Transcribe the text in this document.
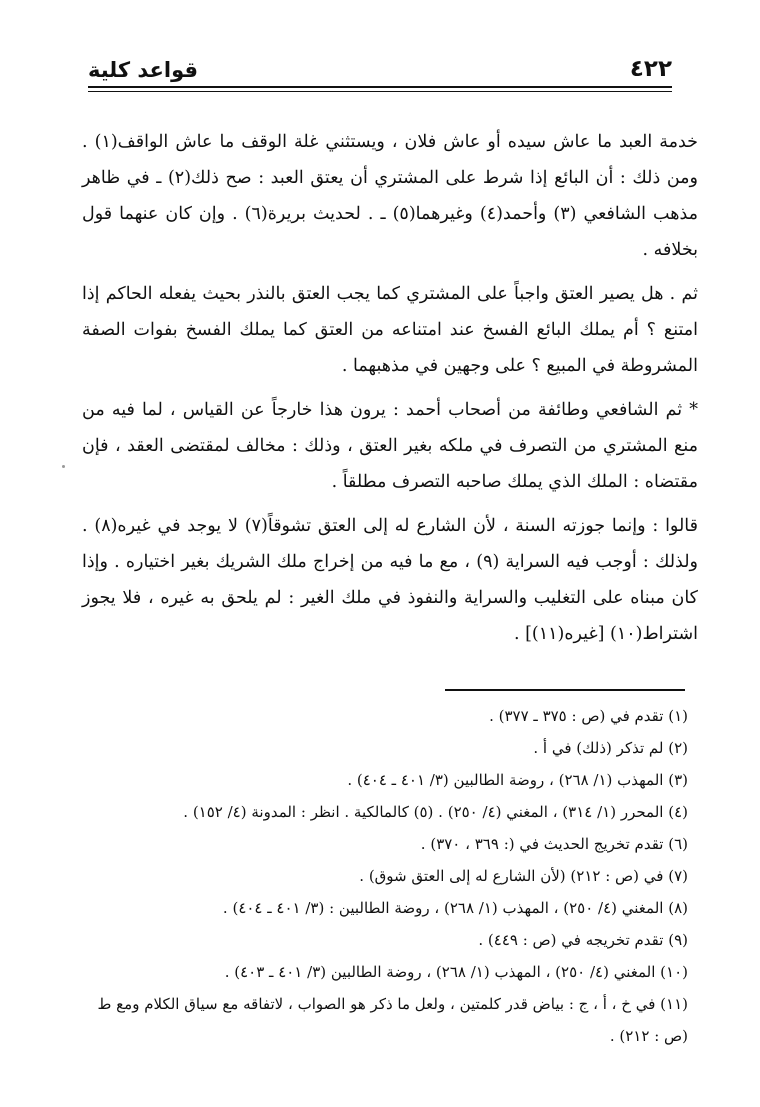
قواعد كلية	٤٢٢

خدمة العبد ما عاش سيده أو عاش فلان ، ويستثني غلة الوقف ما عاش الواقف(١) . ومن ذلك : أن البائع إذا شرط على المشتري أن يعتق العبد : صح ذلك(٢) ـ في ظاهر مذهب الشافعي (٣) وأحمد(٤) وغيرهما(٥) ـ . لحديث بريرة(٦) . وإن كان عنهما قول بخلافه .

ثم . هل يصير العتق واجباً على المشتري كما يجب العتق بالنذر بحيث يفعله الحاكم إذا امتنع ؟ أم يملك البائع الفسخ عند امتناعه من العتق كما يملك الفسخ بفوات الصفة المشروطة في المبيع ؟ على وجهين في مذهبهما .

* ثم الشافعي وطائفة من أصحاب أحمد : يرون هذا خارجاً عن القياس ، لما فيه من منع المشتري من التصرف في ملكه بغير العتق ، وذلك : مخالف لمقتضى العقد ، فإن مقتضاه : الملك الذي يملك صاحبه التصرف مطلقاً .

قالوا : وإنما جوزته السنة ، لأن الشارع له إلى العتق تشوقاً(٧) لا يوجد في غيره(٨) . ولذلك : أوجب فيه السراية (٩) ، مع ما فيه من إخراج ملك الشريك بغير اختياره . وإذا كان مبناه على التغليب والسراية والنفوذ في ملك الغير : لم يلحق به غيره ، فلا يجوز اشتراط(١٠) [غيره(١١)] .

(١) تقدم في (ص : ٣٧٥ ـ ٣٧٧) .

(٢) لم تذكر (ذلك) في أ .

(٣) المهذب (١/ ٢٦٨) ، روضة الطالبين (٣/ ٤٠١ ـ ٤٠٤) .

(٤) المحرر (١/ ٣١٤) ، المغني (٤/ ٢٥٠) . (٥) كالمالكية . انظر : المدونة (٤/ ١٥٢) .

(٦) تقدم تخريج الحديث في (: ٣٦٩ ، ٣٧٠) .

(٧) في (ص : ٢١٢) (لأن الشارع له إلى العتق شوق) .

(٨) المغني (٤/ ٢٥٠) ، المهذب (١/ ٢٦٨) ، روضة الطالبين : (٣/ ٤٠١ ـ ٤٠٤) .

(٩) تقدم تخريجه في (ص : ٤٤٩) .

(١٠) المغني (٤/ ٢٥٠) ، المهذب (١/ ٢٦٨) ، روضة الطالبين (٣/ ٤٠١ ـ ٤٠٣) .

(١١) في خ ، أ ، ج : بياض قدر كلمتين ، ولعل ما ذكر هو الصواب ، لاتفاقه مع سياق الكلام ومع ط (ص : ٢١٢) .
